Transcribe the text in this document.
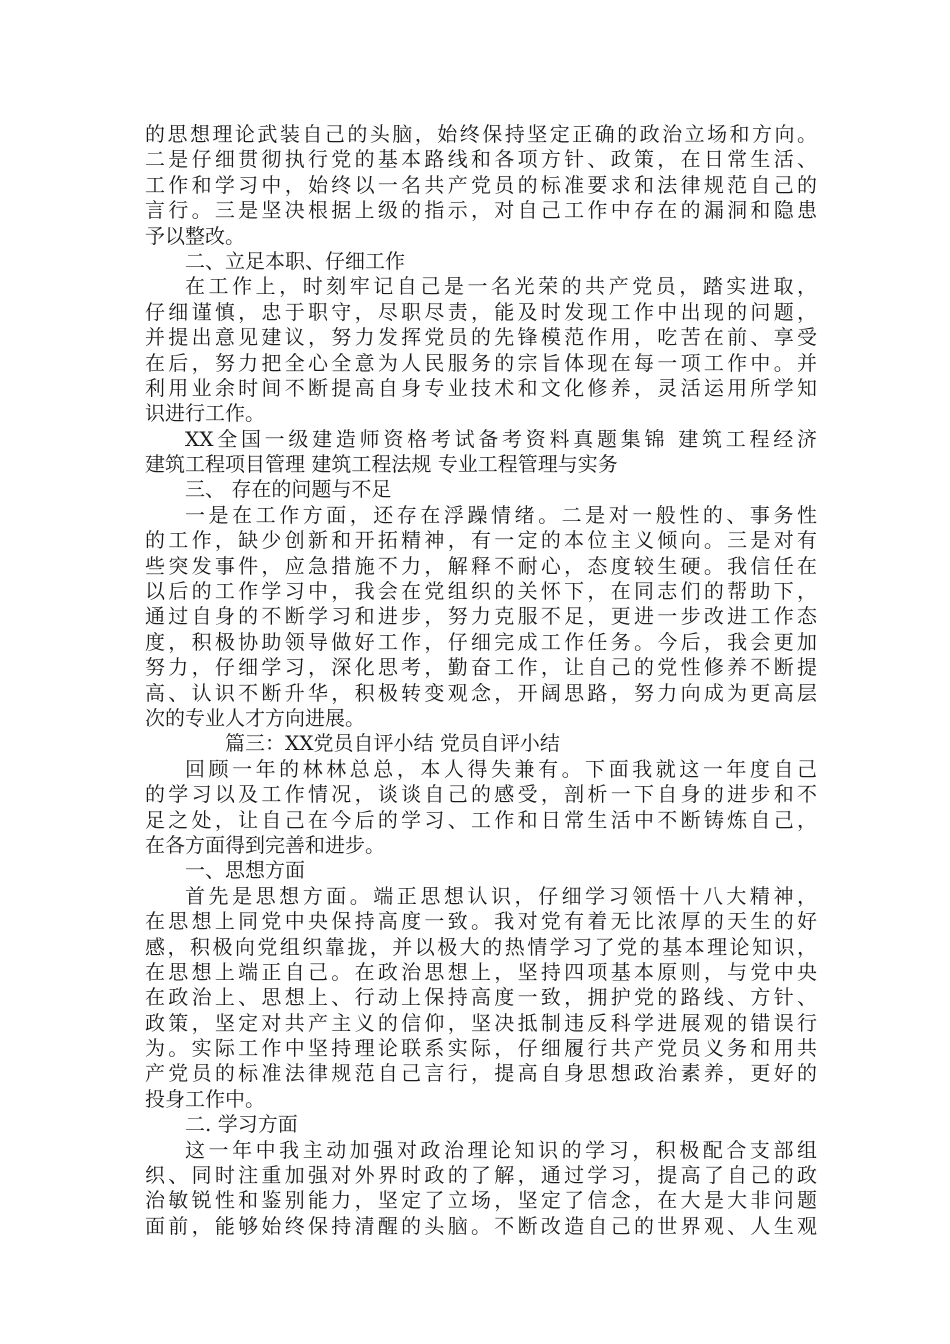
的思想理论武装自己的头脑，始终保持坚定正确的政治立场和方向。
二是仔细贯彻执行党的基本路线和各项方针、政策，在日常生活、
工作和学习中，始终以一名共产党员的标准要求和法律规范自己的
言行。三是坚决根据上级的指示，对自己工作中存在的漏洞和隐患
予以整改。
二、立足本职、仔细工作
在工作上，时刻牢记自己是一名光荣的共产党员，踏实进取，
仔细谨慎，忠于职守，尽职尽责，能及时发现工作中出现的问题，
并提出意见建议，努力发挥党员的先锋模范作用，吃苦在前、享受
在后，努力把全心全意为人民服务的宗旨体现在每一项工作中。并
利用业余时间不断提高自身专业技术和文化修养，灵活运用所学知
识进行工作。
XX全国一级建造师资格考试备考资料真题集锦 建筑工程经济
建筑工程项目管理 建筑工程法规 专业工程管理与实务
三、 存在的问题与不足
一是在工作方面，还存在浮躁情绪。二是对一般性的、事务性
的工作，缺少创新和开拓精神，有一定的本位主义倾向。三是对有
些突发事件，应急措施不力，解释不耐心，态度较生硬。我信任在
以后的工作学习中，我会在党组织的关怀下，在同志们的帮助下，
通过自身的不断学习和进步，努力克服不足，更进一步改进工作态
度，积极协助领导做好工作，仔细完成工作任务。今后，我会更加
努力，仔细学习，深化思考，勤奋工作，让自己的党性修养不断提
高、认识不断升华，积极转变观念，开阔思路，努力向成为更高层
次的专业人才方向进展。
篇三：XX党员自评小结 党员自评小结
回顾一年的林林总总，本人得失兼有。下面我就这一年度自己
的学习以及工作情况，谈谈自己的感受，剖析一下自身的进步和不
足之处，让自己在今后的学习、工作和日常生活中不断铸炼自己，
在各方面得到完善和进步。
一、思想方面
首先是思想方面。端正思想认识，仔细学习领悟十八大精神，
在思想上同党中央保持高度一致。我对党有着无比浓厚的天生的好
感，积极向党组织靠拢，并以极大的热情学习了党的基本理论知识，
在思想上端正自己。在政治思想上，坚持四项基本原则，与党中央
在政治上、思想上、行动上保持高度一致，拥护党的路线、方针、
政策，坚定对共产主义的信仰，坚决抵制违反科学进展观的错误行
为。实际工作中坚持理论联系实际，仔细履行共产党员义务和用共
产党员的标准法律规范自己言行，提高自身思想政治素养，更好的
投身工作中。
二. 学习方面
这一年中我主动加强对政治理论知识的学习，积极配合支部组
织、同时注重加强对外界时政的了解，通过学习，提高了自己的政
治敏锐性和鉴别能力，坚定了立场，坚定了信念，在大是大非问题
面前，能够始终保持清醒的头脑。不断改造自己的世界观、人生观
